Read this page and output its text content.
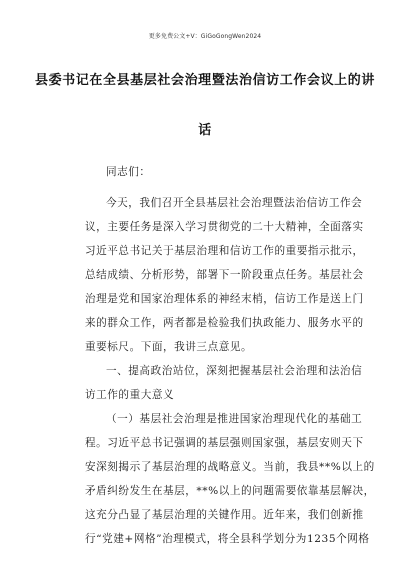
更多免费公文+V：GiGoGongWen2024
县委书记在全县基层社会治理暨法治信访工作会议上的讲
话
同志们：
今天，我们召开全县基层社会治理暨法治信访工作会
议，主要任务是深入学习贯彻党的二十大精神，全面落实
习近平总书记关于基层治理和信访工作的重要指示批示，
总结成绩、分析形势，部署下一阶段重点任务。基层社会
治理是党和国家治理体系的神经末梢，信访工作是送上门
来的群众工作，两者都是检验我们执政能力、服务水平的
重要标尺。下面，我讲三点意见。
一、提高政治站位，深刻把握基层社会治理和法治信
访工作的重大意义
（一）基层社会治理是推进国家治理现代化的基础工
程。习近平总书记强调的基层强则国家强，基层安则天下
安深刻揭示了基层治理的战略意义。当前，我县**%以上的
矛盾纠纷发生在基层，**%以上的问题需要依靠基层解决，
这充分凸显了基层治理的关键作用。近年来，我们创新推
行“党建+网格”治理模式，将全县科学划分为1235个网格
